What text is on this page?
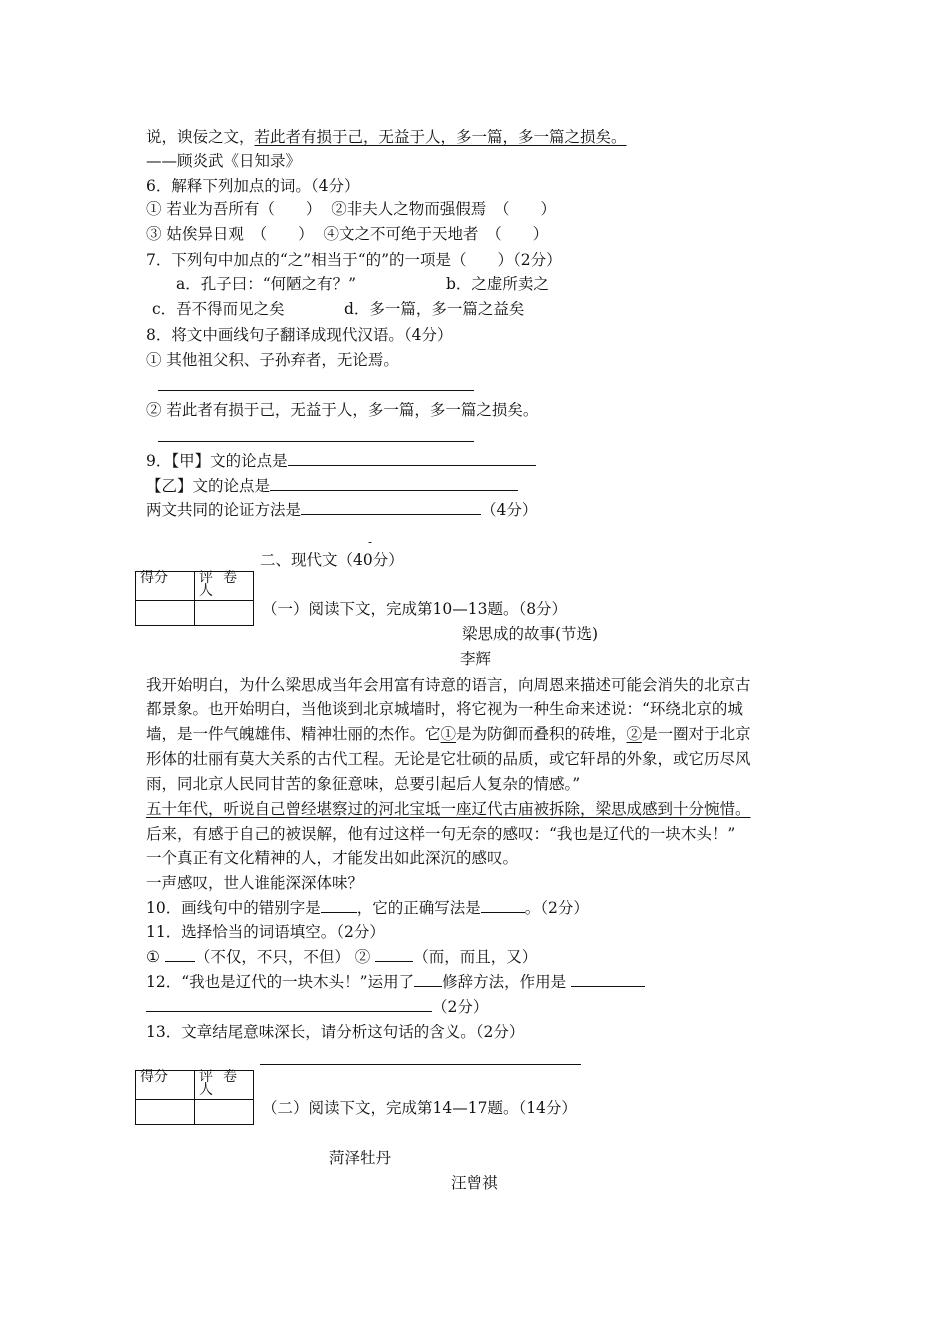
说，谀佞之文，若此者有损于己，无益于人，多一篇，多一篇之损矣。
——顾炎武《日知录》
6．解释下列加点的词。（4分）
① 若业为吾所有（　　）  ②非夫人之物而强假焉　（　　）
③ 姑俟异日观　（　　）  ④文之不可绝于天地者　（　　）
7．下列句中加点的“之”相当于“的”的一项是（　　）（2分）
a．孔子曰：“何陋之有？”	b．之虚所卖之
c．吾不得而见之矣	d．多一篇，多一篇之益矣
8．将文中画线句子翻译成现代汉语。（4分）
① 其他祖父积、子孙弃者，无论焉。
② 若此者有损于己，无益于人，多一篇，多一篇之损矣。
9．【甲】文的论点是
【乙】文的论点是
两文共同的论证方法是	（4分）
-
二、现代文（40分）
得分	评卷人

（一）阅读下文，完成第10—13题。（8分）
梁思成的故事(节选)
李辉
我开始明白，为什么梁思成当年会用富有诗意的语言，向周恩来描述可能会消失的北京古
都景象。也开始明白，当他谈到北京城墙时，将它视为一种生命来述说：“环绕北京的城
墙，是一件气魄雄伟、精神壮丽的杰作。它①是为防御而叠积的砖堆，②是一圈对于北京
形体的壮丽有莫大关系的古代工程。无论是它壮硕的品质，或它轩昂的外象，或它历尽风
雨，同北京人民同甘苦的象征意味，总要引起后人复杂的情感。”
五十年代，听说自己曾经堪察过的河北宝坻一座辽代古庙被拆除，梁思成感到十分惋惜。
后来，有感于自己的被误解，他有过这样一句无奈的感叹：“我也是辽代的一块木头！”
一个真正有文化精神的人，才能发出如此深沉的感叹。
一声感叹，世人谁能深深体味？
10．画线句中的错别字是 ，它的正确写法是	。（2分）
11．选择恰当的词语填空。（2分）
① （不仅，不只，不但） ②	（而，而且，又）
12．“我也是辽代的一块木头！”运用了 修辞方法，作用是
（2分）
13．文章结尾意味深长，请分析这句话的含义。（2分）
得分	评卷人

（二）阅读下文，完成第14—17题。（14分）
菏泽牡丹
汪曾祺
